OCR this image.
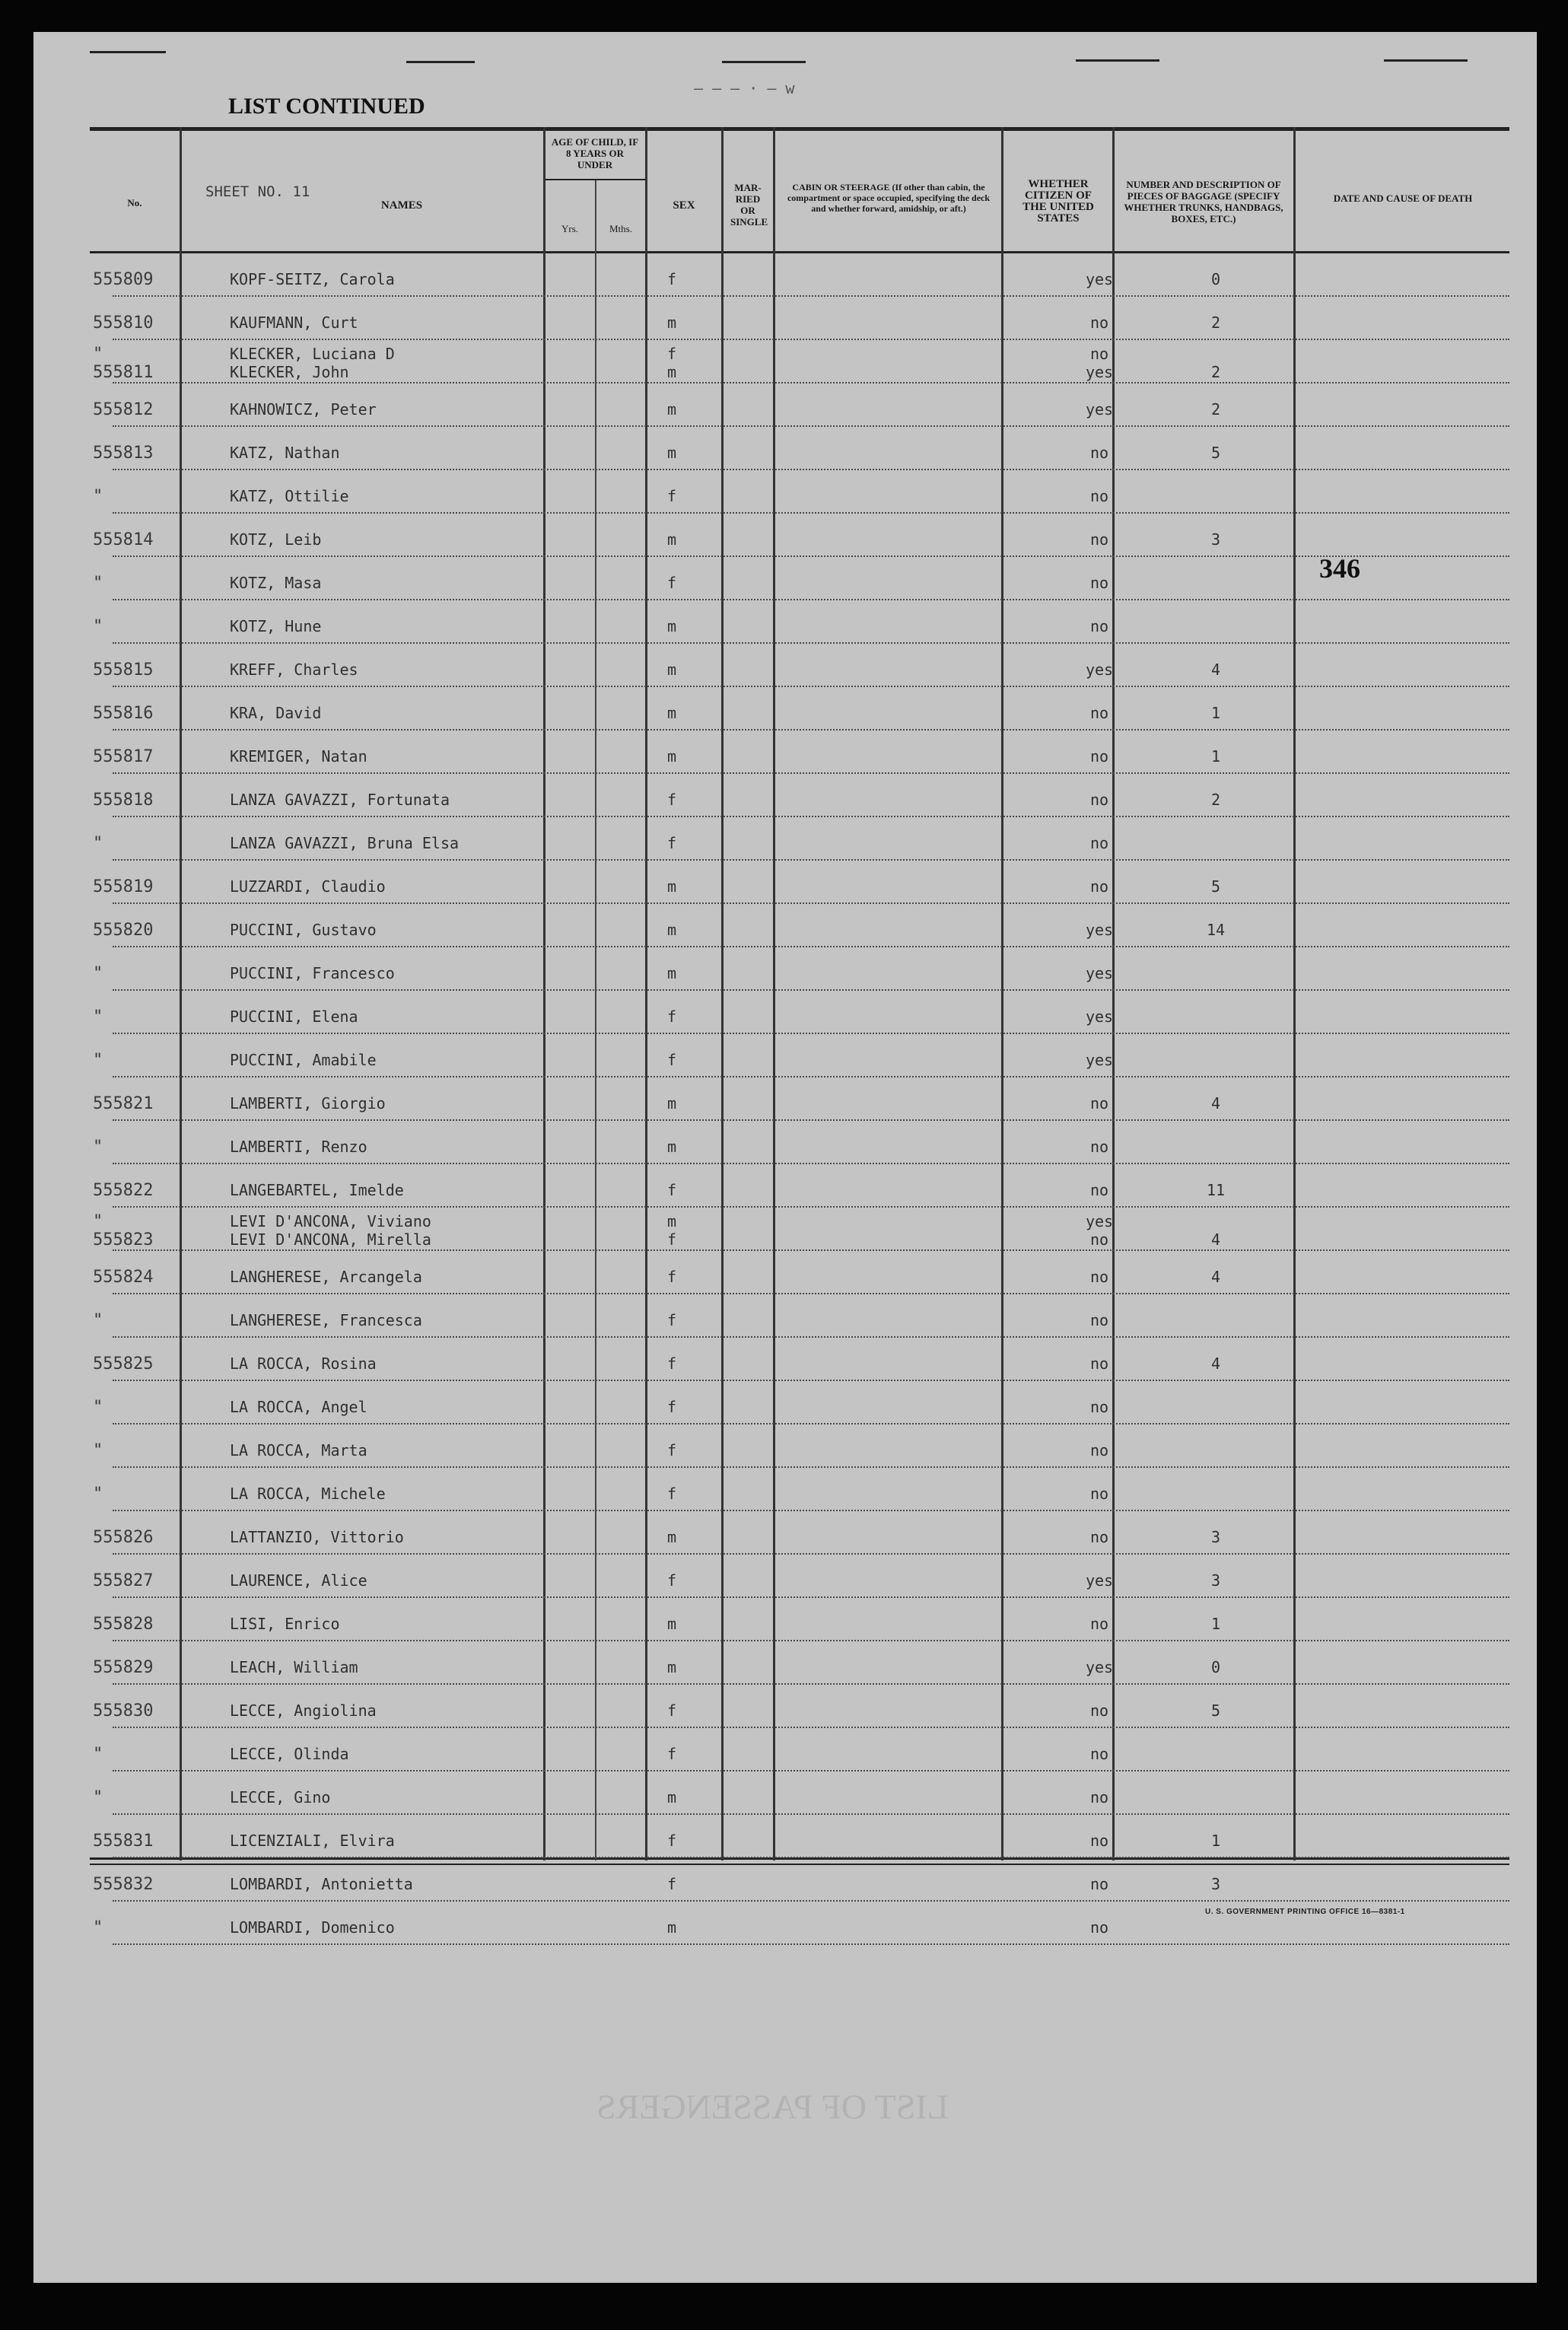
— — — · — w
LIST CONTINUED
SHEET NO. 11
No.	NAMES
AGE OF CHILD, IF 8 YEARS OR UNDER
Yrs.	Mths.
SEX
MAR- RIED OR SINGLE
CABIN OR STEERAGE (If other than cabin, the compartment or space occupied, specifying the deck and whether forward, amidship, or aft.)
WHETHER CITIZEN OF THE UNITED STATES
NUMBER AND DESCRIPTION OF PIECES OF BAGGAGE (SPECIFY WHETHER TRUNKS, HANDBAGS, BOXES, ETC.)
DATE AND CAUSE OF DEATH
555809	KOPF-SEITZ, Carola	f	yes	0
555810	KAUFMANN, Curt	m	no	2
555811	KLECKER, John	m	yes	2
"	KLECKER, Luciana D	f	no
555812	KAHNOWICZ, Peter	m	yes	2
555813	KATZ, Nathan	m	no	5
"	KATZ, Ottilie	f	no
555814	KOTZ, Leib	m	no	3
"	KOTZ, Masa	f	no
"	KOTZ, Hune	m	no
555815	KREFF, Charles	m	yes	4
555816	KRA, David	m	no	1
555817	KREMIGER, Natan	m	no	1
555818	LANZA GAVAZZI, Fortunata	f	no	2
"	LANZA GAVAZZI, Bruna Elsa	f	no
555819	LUZZARDI, Claudio	m	no	5
555820	PUCCINI, Gustavo	m	yes	14
"	PUCCINI, Francesco	m	yes
"	PUCCINI, Elena	f	yes
"	PUCCINI, Amabile	f	yes
555821	LAMBERTI, Giorgio	m	no	4
"	LAMBERTI, Renzo	m	no
555822	LANGEBARTEL, Imelde	f	no	11
555823	LEVI D'ANCONA, Mirella	f	no	4
"	LEVI D'ANCONA, Viviano	m	yes
555824	LANGHERESE, Arcangela	f	no	4
"	LANGHERESE, Francesca	f	no
555825	LA ROCCA, Rosina	f	no	4
"	LA ROCCA, Angel	f	no
"	LA ROCCA, Marta	f	no
"	LA ROCCA, Michele	f	no
555826	LATTANZIO, Vittorio	m	no	3
555827	LAURENCE, Alice	f	yes	3
555828	LISI, Enrico	m	no	1
555829	LEACH, William	m	yes	0
555830	LECCE, Angiolina	f	no	5
"	LECCE, Olinda	f	no
"	LECCE, Gino	m	no
555831	LICENZIALI, Elvira	f	no	1
555832	LOMBARDI, Antonietta	f	no	3
"	LOMBARDI, Domenico	m	no
346
U. S. GOVERNMENT PRINTING OFFICE 16—8381-1
LIST OF PASSENGERS
